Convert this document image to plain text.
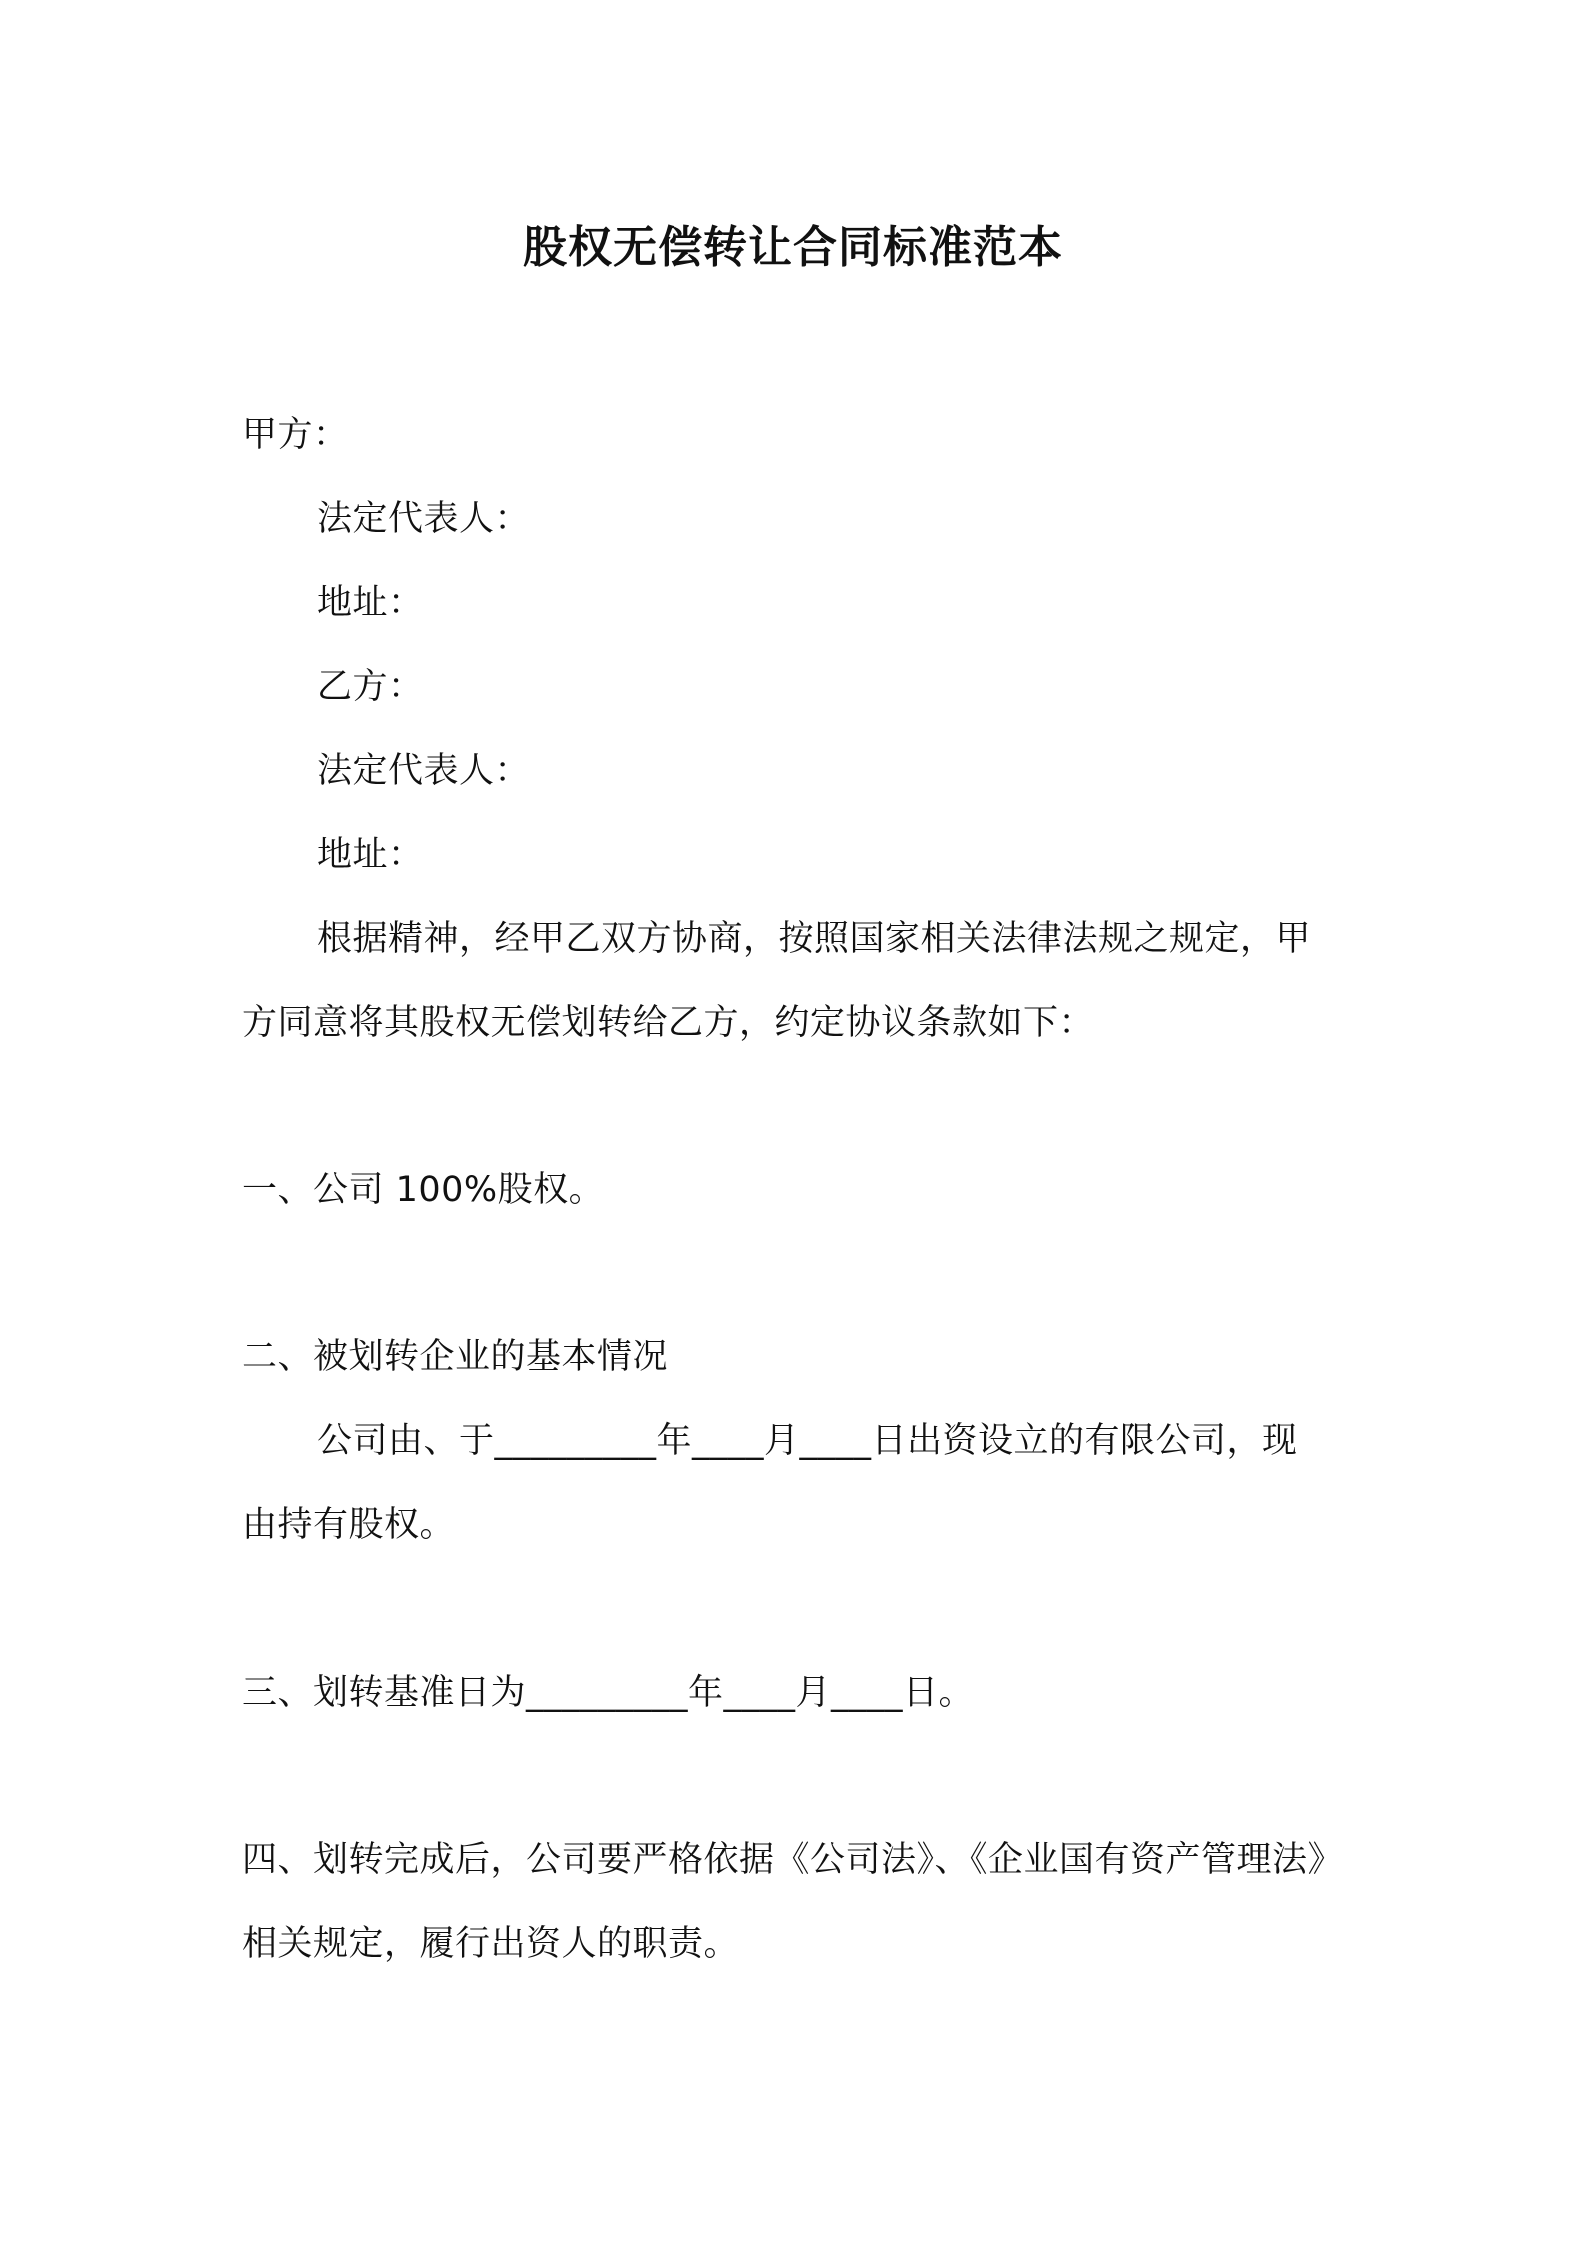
股权无偿转让合同标准范本
甲方：
法定代表人：
地址：
乙方：
法定代表人：
地址：
根据精神，经甲乙双方协商，按照国家相关法律法规之规定，甲
方同意将其股权无偿划转给乙方，约定协议条款如下：
一、公司 100%股权。
二、被划转企业的基本情况
公司由、于_________年____月____日出资设立的有限公司，现
由持有股权。
三、划转基准日为_________年____月____日。
四、划转完成后，公司要严格依据《公司法》、《企业国有资产管理法》
相关规定，履行出资人的职责。
